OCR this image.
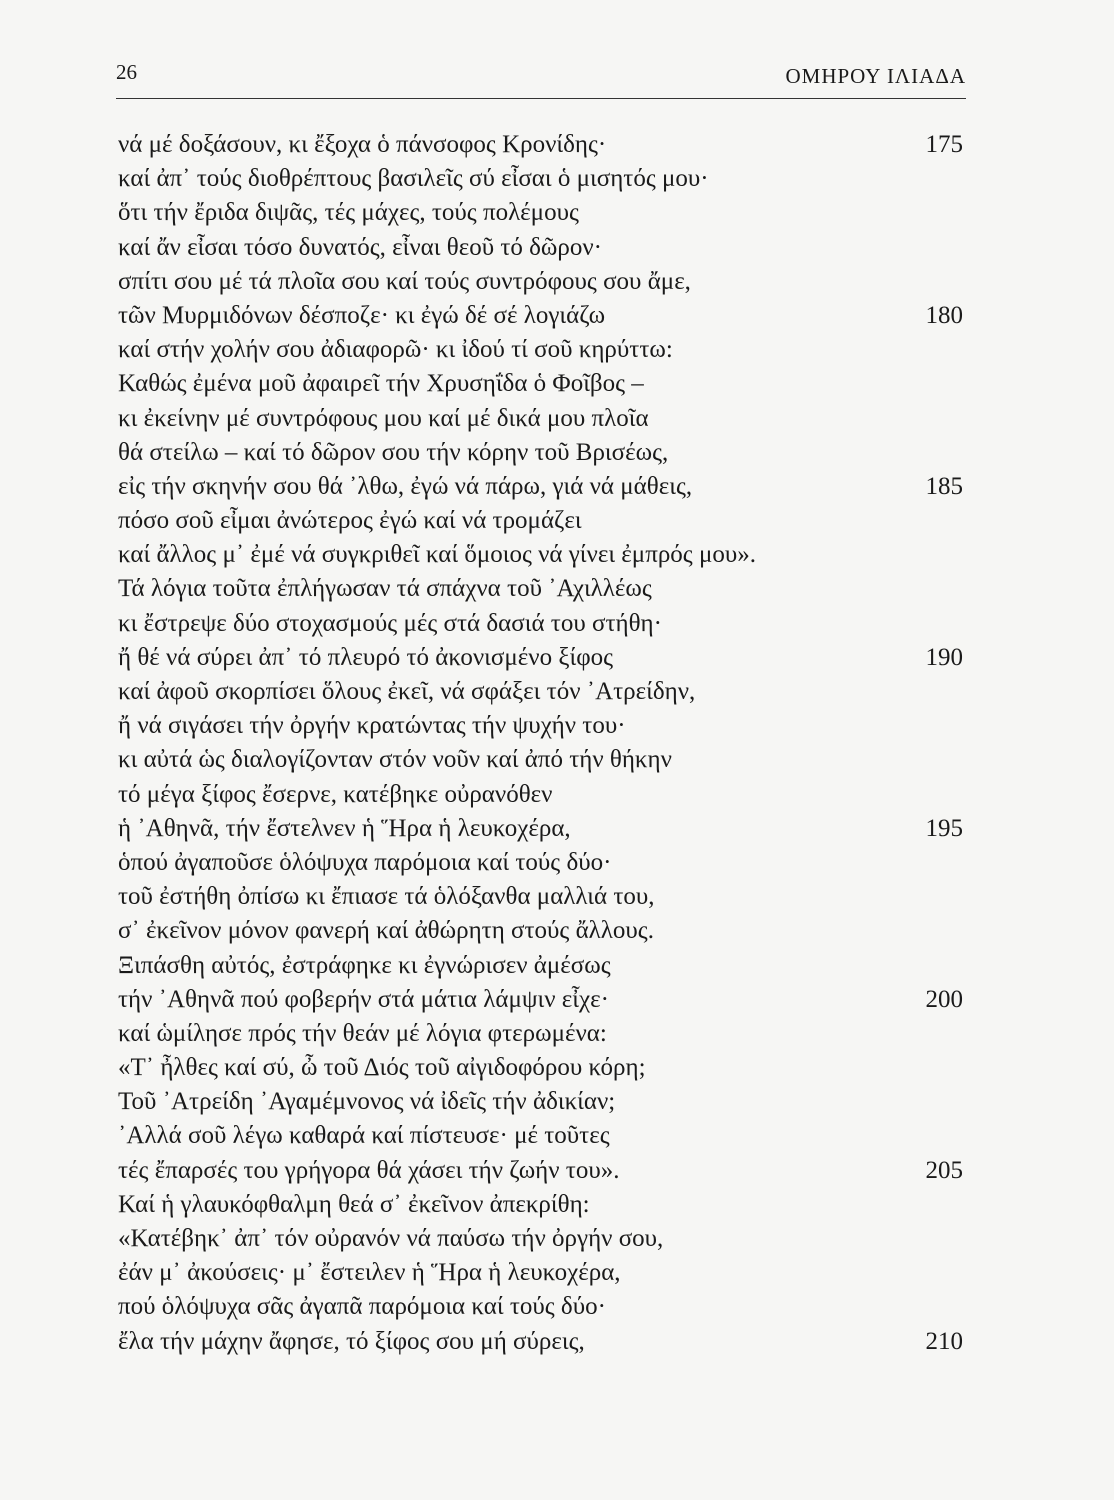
26	ΟΜΗΡΟΥ ΙΛΙΑΔΑ
νά μέ δοξάσουν, κι ἔξοχα ὁ πάνσοφος Κρονίδης·	175
καί ἀπ᾿ τούς διοθρέπτους βασιλεῖς σύ εἶσαι ὁ μισητός μου·
ὅτι τήν ἔριδα διψᾶς, τές μάχες, τούς πολέμους
καί ἄν εἶσαι τόσο δυνατός, εἶναι θεοῦ τό δῶρον·
σπίτι σου μέ τά πλοῖα σου καί τούς συντρόφους σου ἄμε,
τῶν Μυρμιδόνων δέσποζε· κι ἐγώ δέ σέ λογιάζω	180
καί στήν χολήν σου ἀδιαφορῶ· κι ἰδού τί σοῦ κηρύττω:
Καθώς ἐμένα μοῦ ἀφαιρεῖ τήν Χρυσηΐδα ὁ Φοῖβος –
κι ἐκείνην μέ συντρόφους μου καί μέ δικά μου πλοῖα
θά στείλω – καί τό δῶρον σου τήν κόρην τοῦ Βρισέως,
εἰς τήν σκηνήν σου θά ᾿λθω, ἐγώ νά πάρω, γιά νά μάθεις,	185
πόσο σοῦ εἶμαι ἀνώτερος ἐγώ καί νά τρομάζει
καί ἄλλος μ᾿ ἐμέ νά συγκριθεῖ καί ὅμοιος νά γίνει ἐμπρός μου».
Τά λόγια τοῦτα ἐπλήγωσαν τά σπάχνα τοῦ ᾿Αχιλλέως
κι ἔστρεψε δύο στοχασμούς μές στά δασιά του στήθη·
ἤ θέ νά σύρει ἀπ᾿ τό πλευρό τό ἀκονισμένο ξίφος	190
καί ἀφοῦ σκορπίσει ὅλους ἐκεῖ, νά σφάξει τόν ᾿Ατρείδην,
ἤ νά σιγάσει τήν ὀργήν κρατώντας τήν ψυχήν του·
κι αὐτά ὡς διαλογίζονταν στόν νοῦν καί ἀπό τήν θήκην
τό μέγα ξίφος ἔσερνε, κατέβηκε οὐρανόθεν
ἡ ᾿Αθηνᾶ, τήν ἔστελνεν ἡ Ἥρα ἡ λευκοχέρα,	195
ὁπού ἀγαποῦσε ὁλόψυχα παρόμοια καί τούς δύο·
τοῦ ἐστήθη ὀπίσω κι ἔπιασε τά ὁλόξανθα μαλλιά του,
σ᾿ ἐκεῖνον μόνον φανερή καί ἀθώρητη στούς ἄλλους.
Ξιπάσθη αὐτός, ἐστράφηκε κι ἐγνώρισεν ἀμέσως
τήν ᾿Αθηνᾶ πού φοβερήν στά μάτια λάμψιν εἶχε·	200
καί ὡμίλησε πρός τήν θεάν μέ λόγια φτερωμένα:
«Τ᾿ ἦλθες καί σύ, ὦ τοῦ Διός τοῦ αἰγιδοφόρου κόρη;
Τοῦ ᾿Ατρείδη ᾿Αγαμέμνονος νά ἰδεῖς τήν ἀδικίαν;
᾿Αλλά σοῦ λέγω καθαρά καί πίστευσε· μέ τοῦτες
τές ἔπαρσές του γρήγορα θά χάσει τήν ζωήν του».	205
Καί ἡ γλαυκόφθαλμη θεά σ᾿ ἐκεῖνον ἀπεκρίθη:
«Κατέβηκ᾿ ἀπ᾿ τόν οὐρανόν νά παύσω τήν ὀργήν σου,
ἐάν μ᾿ ἀκούσεις· μ᾿ ἔστειλεν ἡ Ἥρα ἡ λευκοχέρα,
πού ὁλόψυχα σᾶς ἀγαπᾶ παρόμοια καί τούς δύο·
ἔλα τήν μάχην ἄφησε, τό ξίφος σου μή σύρεις,	210
